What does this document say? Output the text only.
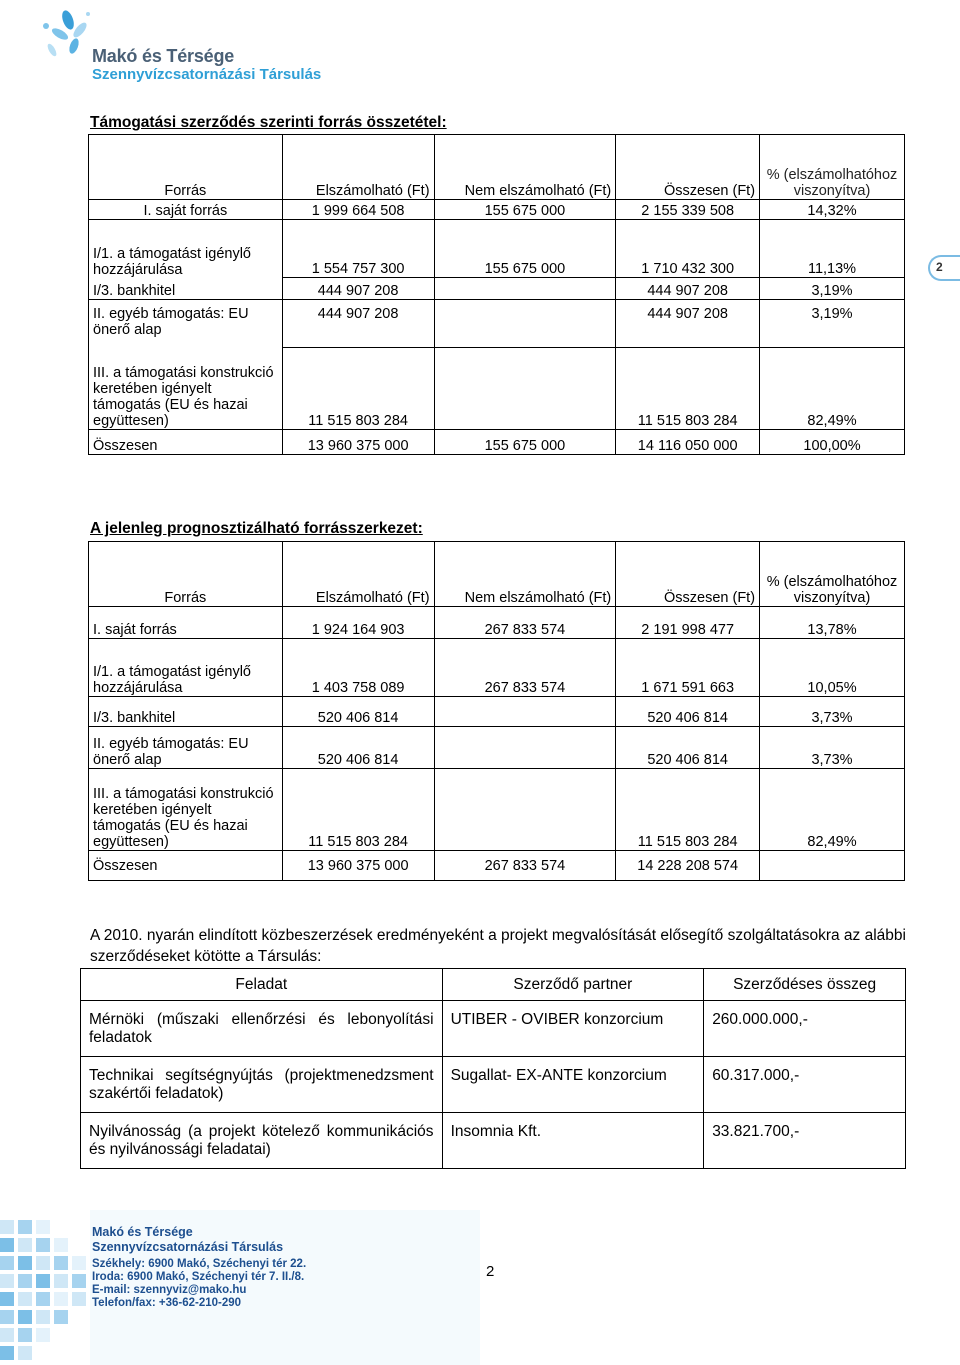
Makó és Térsége
Szennyvízcsatornázási Társulás
2
Támogatási szerződés szerinti forrás összetétel:
Forrás	Elszámolható (Ft)	Nem elszámolható (Ft)	Összesen (Ft)	% (elszámolhatóhoz viszonyítva)
I. saját forrás	1 999 664 508	155 675 000	2 155 339 508	14,32%
I/1. a támogatást igénylő hozzájárulása	1 554 757 300	155 675 000	1 710 432 300	11,13%
I/3. bankhitel	444 907 208		444 907 208	3,19%
II. egyéb támogatás: EU önerő alap	444 907 208		444 907 208	3,19%
III. a támogatási konstrukció keretében igényelt támogatás (EU és hazai együttesen)	11 515 803 284		11 515 803 284	82,49%
Összesen	13 960 375 000	155 675 000	14 116 050 000	100,00%
A jelenleg prognosztizálható forrásszerkezet:
Forrás	Elszámolható (Ft)	Nem elszámolható (Ft)	Összesen (Ft)	% (elszámolhatóhoz viszonyítva)
I. saját forrás	1 924 164 903	267 833 574	2 191 998 477	13,78%
I/1. a támogatást igénylő hozzájárulása	1 403 758 089	267 833 574	1 671 591 663	10,05%
I/3. bankhitel	520 406 814		520 406 814	3,73%
II. egyéb támogatás: EU önerő alap	520 406 814		520 406 814	3,73%
III. a támogatási konstrukció keretében igényelt támogatás (EU és hazai együttesen)	11 515 803 284		11 515 803 284	82,49%
Összesen	13 960 375 000	267 833 574	14 228 208 574	
A 2010. nyarán elindított közbeszerzések eredményeként a projekt megvalósítását elősegítő szolgáltatásokra az alábbi szerződéseket kötötte a Társulás:
Feladat	Szerződő partner	Szerződéses összeg
Mérnöki (műszaki ellenőrzési és lebonyolítási feladatok	UTIBER - OVIBER konzorcium	260.000.000,-
Technikai segítségnyújtás (projektmenedzsment szakértői feladatok)	Sugallat- EX-ANTE konzorcium	60.317.000,-
Nyilvánosság (a projekt kötelező kommunikációs és nyilvánossági feladatai)	Insomnia Kft.	33.821.700,-
Makó és Térsége
Szennyvízcsatornázási Társulás
Székhely: 6900 Makó, Széchenyi tér 22.
Iroda: 6900 Makó, Széchenyi tér 7. II./8.
E-mail: szennyviz@mako.hu
Telefon/fax: +36-62-210-290
2
